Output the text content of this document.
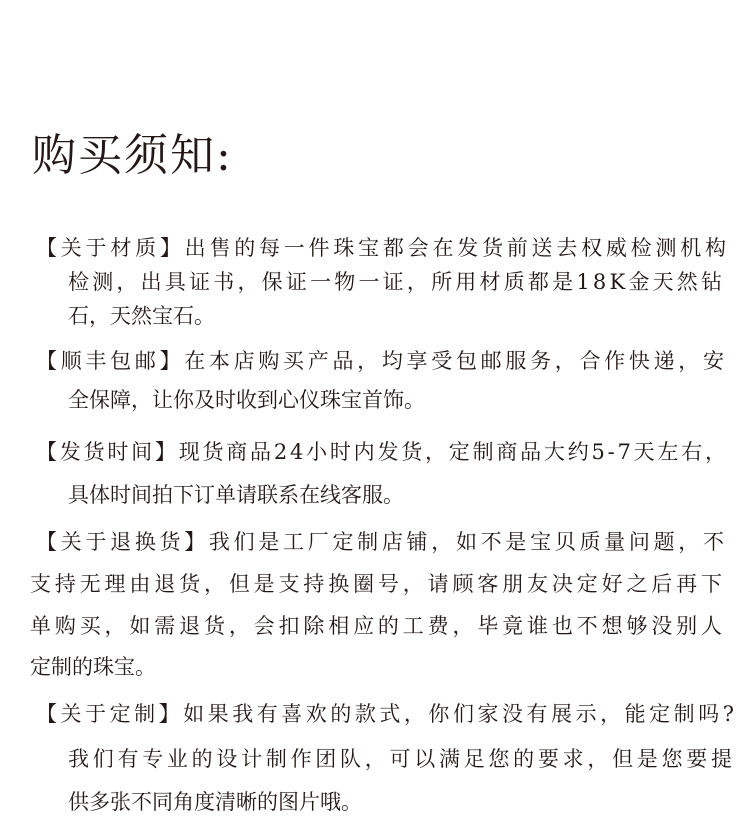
购买须知:
【关于材质】出售的每一件珠宝都会在发货前送去权威检测机构
检测，出具证书，保证一物一证，所用材质都是18K金天然钻
石，天然宝石。
【顺丰包邮】在本店购买产品，均享受包邮服务，合作快递，安
全保障，让你及时收到心仪珠宝首饰。
【发货时间】现货商品24小时内发货，定制商品大约5-7天左右，
具体时间拍下订单请联系在线客服。
【关于退换货】我们是工厂定制店铺，如不是宝贝质量问题，不
支持无理由退货，但是支持换圈号，请顾客朋友决定好之后再下
单购买，如需退货，会扣除相应的工费，毕竟谁也不想够没别人
定制的珠宝。
【关于定制】如果我有喜欢的款式，你们家没有展示，能定制吗?
我们有专业的设计制作团队，可以满足您的要求，但是您要提
供多张不同角度清晰的图片哦。
